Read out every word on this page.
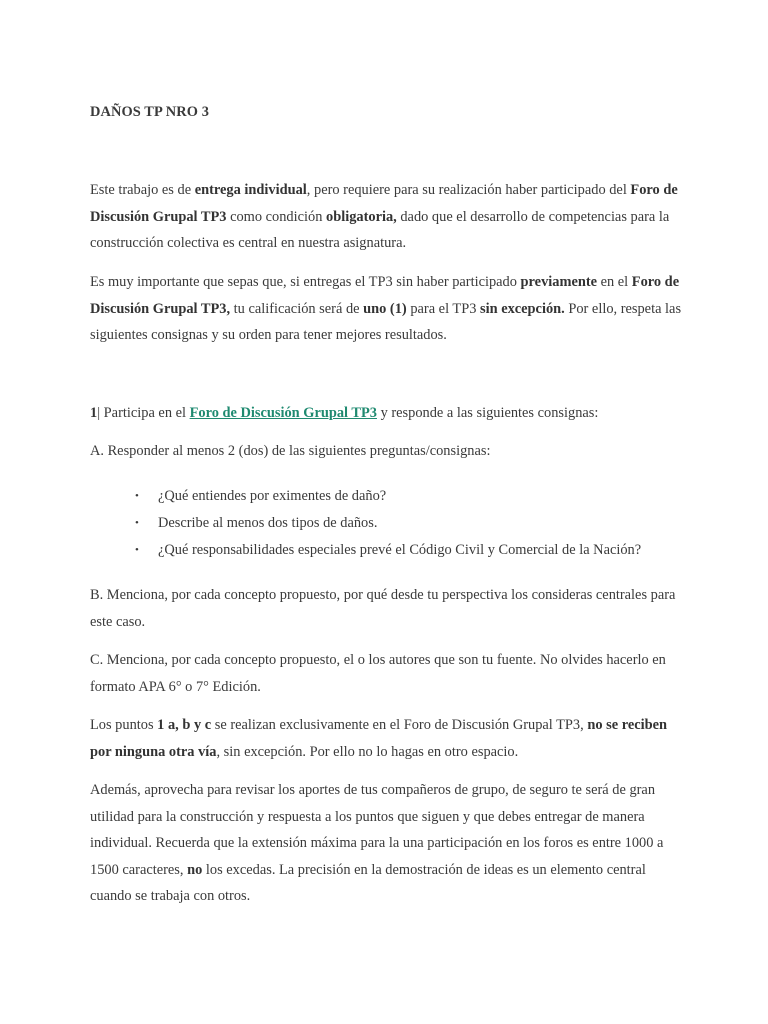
DAÑOS TP NRO 3

Este trabajo es de entrega individual, pero requiere para su realización haber participado del Foro de Discusión Grupal TP3 como condición obligatoria, dado que el desarrollo de competencias para la construcción colectiva es central en nuestra asignatura.

Es muy importante que sepas que, si entregas el TP3 sin haber participado previamente en el Foro de Discusión Grupal TP3, tu calificación será de uno (1) para el TP3 sin excepción. Por ello, respeta las siguientes consignas y su orden para tener mejores resultados.

1| Participa en el Foro de Discusión Grupal TP3 y responde a las siguientes consignas:

A. Responder al menos 2 (dos) de las siguientes preguntas/consignas:

• ¿Qué entiendes por eximentes de daño?
• Describe al menos dos tipos de daños.
• ¿Qué responsabilidades especiales prevé el Código Civil y Comercial de la Nación?

B. Menciona, por cada concepto propuesto, por qué desde tu perspectiva los consideras centrales para este caso.

C. Menciona, por cada concepto propuesto, el o los autores que son tu fuente. No olvides hacerlo en formato APA 6° o 7° Edición.

Los puntos 1 a, b y c se realizan exclusivamente en el Foro de Discusión Grupal TP3, no se reciben por ninguna otra vía, sin excepción. Por ello no lo hagas en otro espacio.

Además, aprovecha para revisar los aportes de tus compañeros de grupo, de seguro te será de gran utilidad para la construcción y respuesta a los puntos que siguen y que debes entregar de manera individual. Recuerda que la extensión máxima para la una participación en los foros es entre 1000 a 1500 caracteres, no los excedas. La precisión en la demostración de ideas es un elemento central cuando se trabaja con otros.
